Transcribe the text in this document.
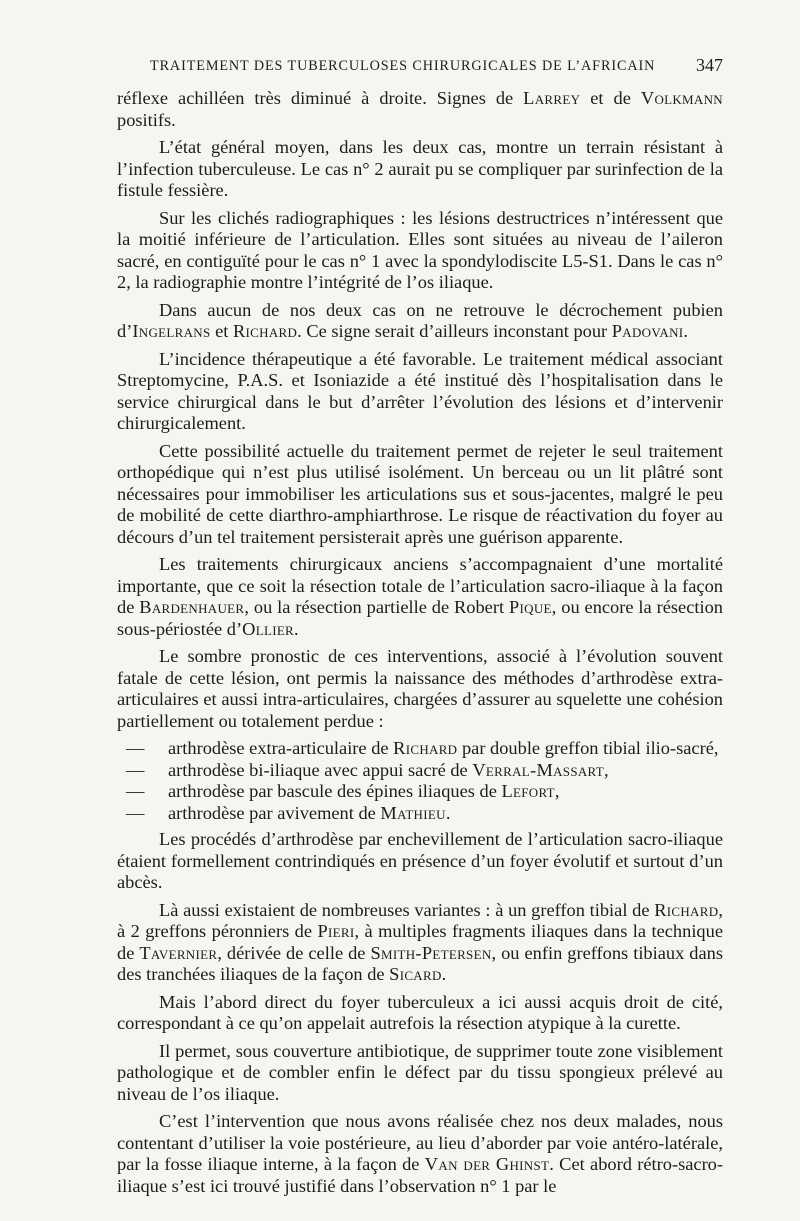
TRAITEMENT DES TUBERCULOSES CHIRURGICALES DE L’AFRICAIN 347

réflexe achilléen très diminué à droite. Signes de Larrey et de Volkmann positifs.

L’état général moyen, dans les deux cas, montre un terrain résistant à l’infection tuberculeuse. Le cas n° 2 aurait pu se compliquer par surinfection de la fistule fessière.

Sur les clichés radiographiques : les lésions destructrices n’intéressent que la moitié inférieure de l’articulation. Elles sont situées au niveau de l’aileron sacré, en contiguïté pour le cas n° 1 avec la spondylodiscite L5-S1. Dans le cas n° 2, la radiographie montre l’intégrité de l’os iliaque.

Dans aucun de nos deux cas on ne retrouve le décrochement pubien d’Ingelrans et Richard. Ce signe serait d’ailleurs inconstant pour Padovani.

L’incidence thérapeutique a été favorable. Le traitement médical associant Streptomycine, P.A.S. et Isoniazide a été institué dès l’hospitalisation dans le service chirurgical dans le but d’arrêter l’évolution des lésions et d’intervenir chirurgicalement.

Cette possibilité actuelle du traitement permet de rejeter le seul traitement orthopédique qui n’est plus utilisé isolément. Un berceau ou un lit plâtré sont nécessaires pour immobiliser les articulations sus et sous-jacentes, malgré le peu de mobilité de cette diarthro-amphiarthrose. Le risque de réactivation du foyer au décours d’un tel traitement persisterait après une guérison apparente.

Les traitements chirurgicaux anciens s’accompagnaient d’une mortalité importante, que ce soit la résection totale de l’articulation sacro-iliaque à la façon de Bardenhauer, ou la résection partielle de Robert Pique, ou encore la résection sous-périostée d’Ollier.

Le sombre pronostic de ces interventions, associé à l’évolution souvent fatale de cette lésion, ont permis la naissance des méthodes d’arthrodèse extra-articulaires et aussi intra-articulaires, chargées d’assurer au squelette une cohésion partiellement ou totalement perdue :

— arthrodèse extra-articulaire de Richard par double greffon tibial ilio-sacré,
— arthrodèse bi-iliaque avec appui sacré de Verral-Massart,
— arthrodèse par bascule des épines iliaques de Lefort,
— arthrodèse par avivement de Mathieu.

Les procédés d’arthrodèse par enchevillement de l’articulation sacro-iliaque étaient formellement contrindiqués en présence d’un foyer évolutif et surtout d’un abcès.

Là aussi existaient de nombreuses variantes : à un greffon tibial de Richard, à 2 greffons péronniers de Pieri, à multiples fragments iliaques dans la technique de Tavernier, dérivée de celle de Smith-Petersen, ou enfin greffons tibiaux dans des tranchées iliaques de la façon de Sicard.

Mais l’abord direct du foyer tuberculeux a ici aussi acquis droit de cité, correspondant à ce qu’on appelait autrefois la résection atypique à la curette.

Il permet, sous couverture antibiotique, de supprimer toute zone visiblement pathologique et de combler enfin le défect par du tissu spongieux prélevé au niveau de l’os iliaque.

C’est l’intervention que nous avons réalisée chez nos deux malades, nous contentant d’utiliser la voie postérieure, au lieu d’aborder par voie antéro-latérale, par la fosse iliaque interne, à la façon de Van der Ghinst. Cet abord rétro-sacro-iliaque s’est ici trouvé justifié dans l’observation n° 1 par le
